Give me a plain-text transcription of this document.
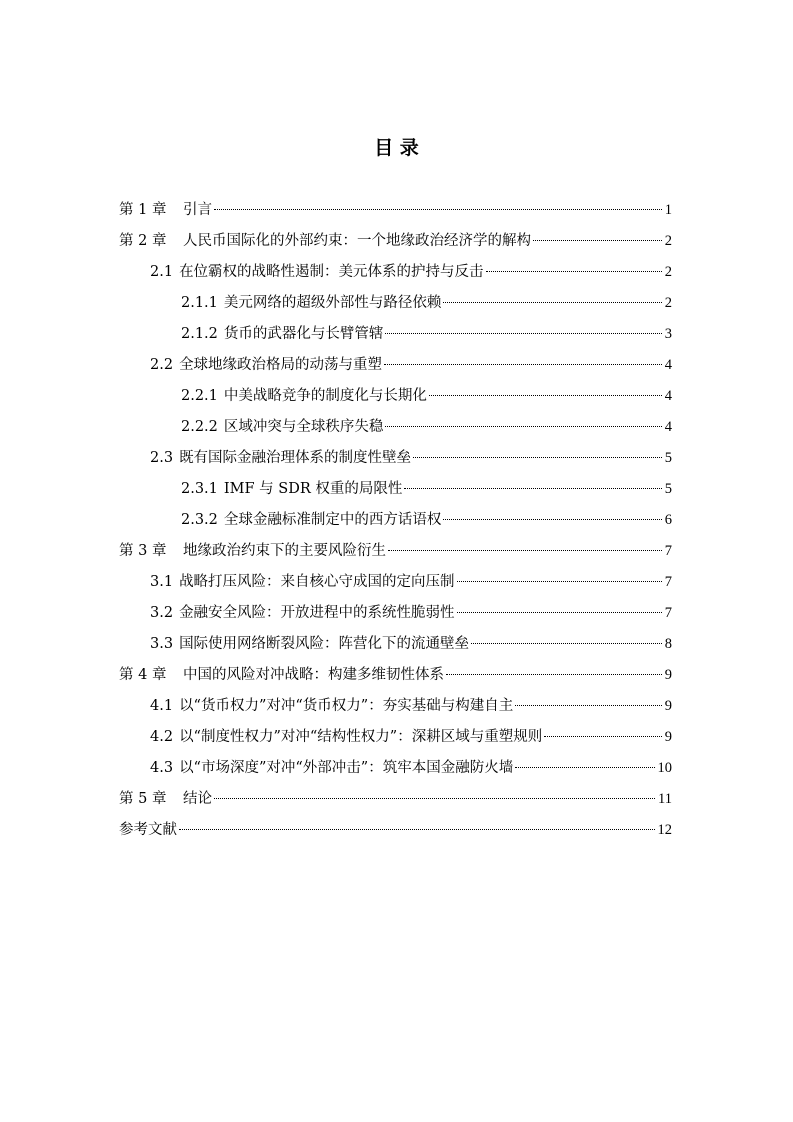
目 录
第 1 章 引言	1
第 2 章 人民币国际化的外部约束：一个地缘政治经济学的解构	2
2.1 在位霸权的战略性遏制：美元体系的护持与反击	2
2.1.1 美元网络的超级外部性与路径依赖	2
2.1.2 货币的武器化与长臂管辖	3
2.2 全球地缘政治格局的动荡与重塑	4
2.2.1 中美战略竞争的制度化与长期化	4
2.2.2 区域冲突与全球秩序失稳	4
2.3 既有国际金融治理体系的制度性壁垒	5
2.3.1 IMF 与 SDR 权重的局限性	5
2.3.2 全球金融标准制定中的西方话语权	6
第 3 章 地缘政治约束下的主要风险衍生	7
3.1 战略打压风险：来自核心守成国的定向压制	7
3.2 金融安全风险：开放进程中的系统性脆弱性	7
3.3 国际使用网络断裂风险：阵营化下的流通壁垒	8
第 4 章 中国的风险对冲战略：构建多维韧性体系	9
4.1 以“货币权力”对冲“货币权力”：夯实基础与构建自主	9
4.2 以“制度性权力”对冲“结构性权力”：深耕区域与重塑规则	9
4.3 以“市场深度”对冲“外部冲击”：筑牢本国金融防火墙	10
第 5 章 结论	11
参考文献	12
